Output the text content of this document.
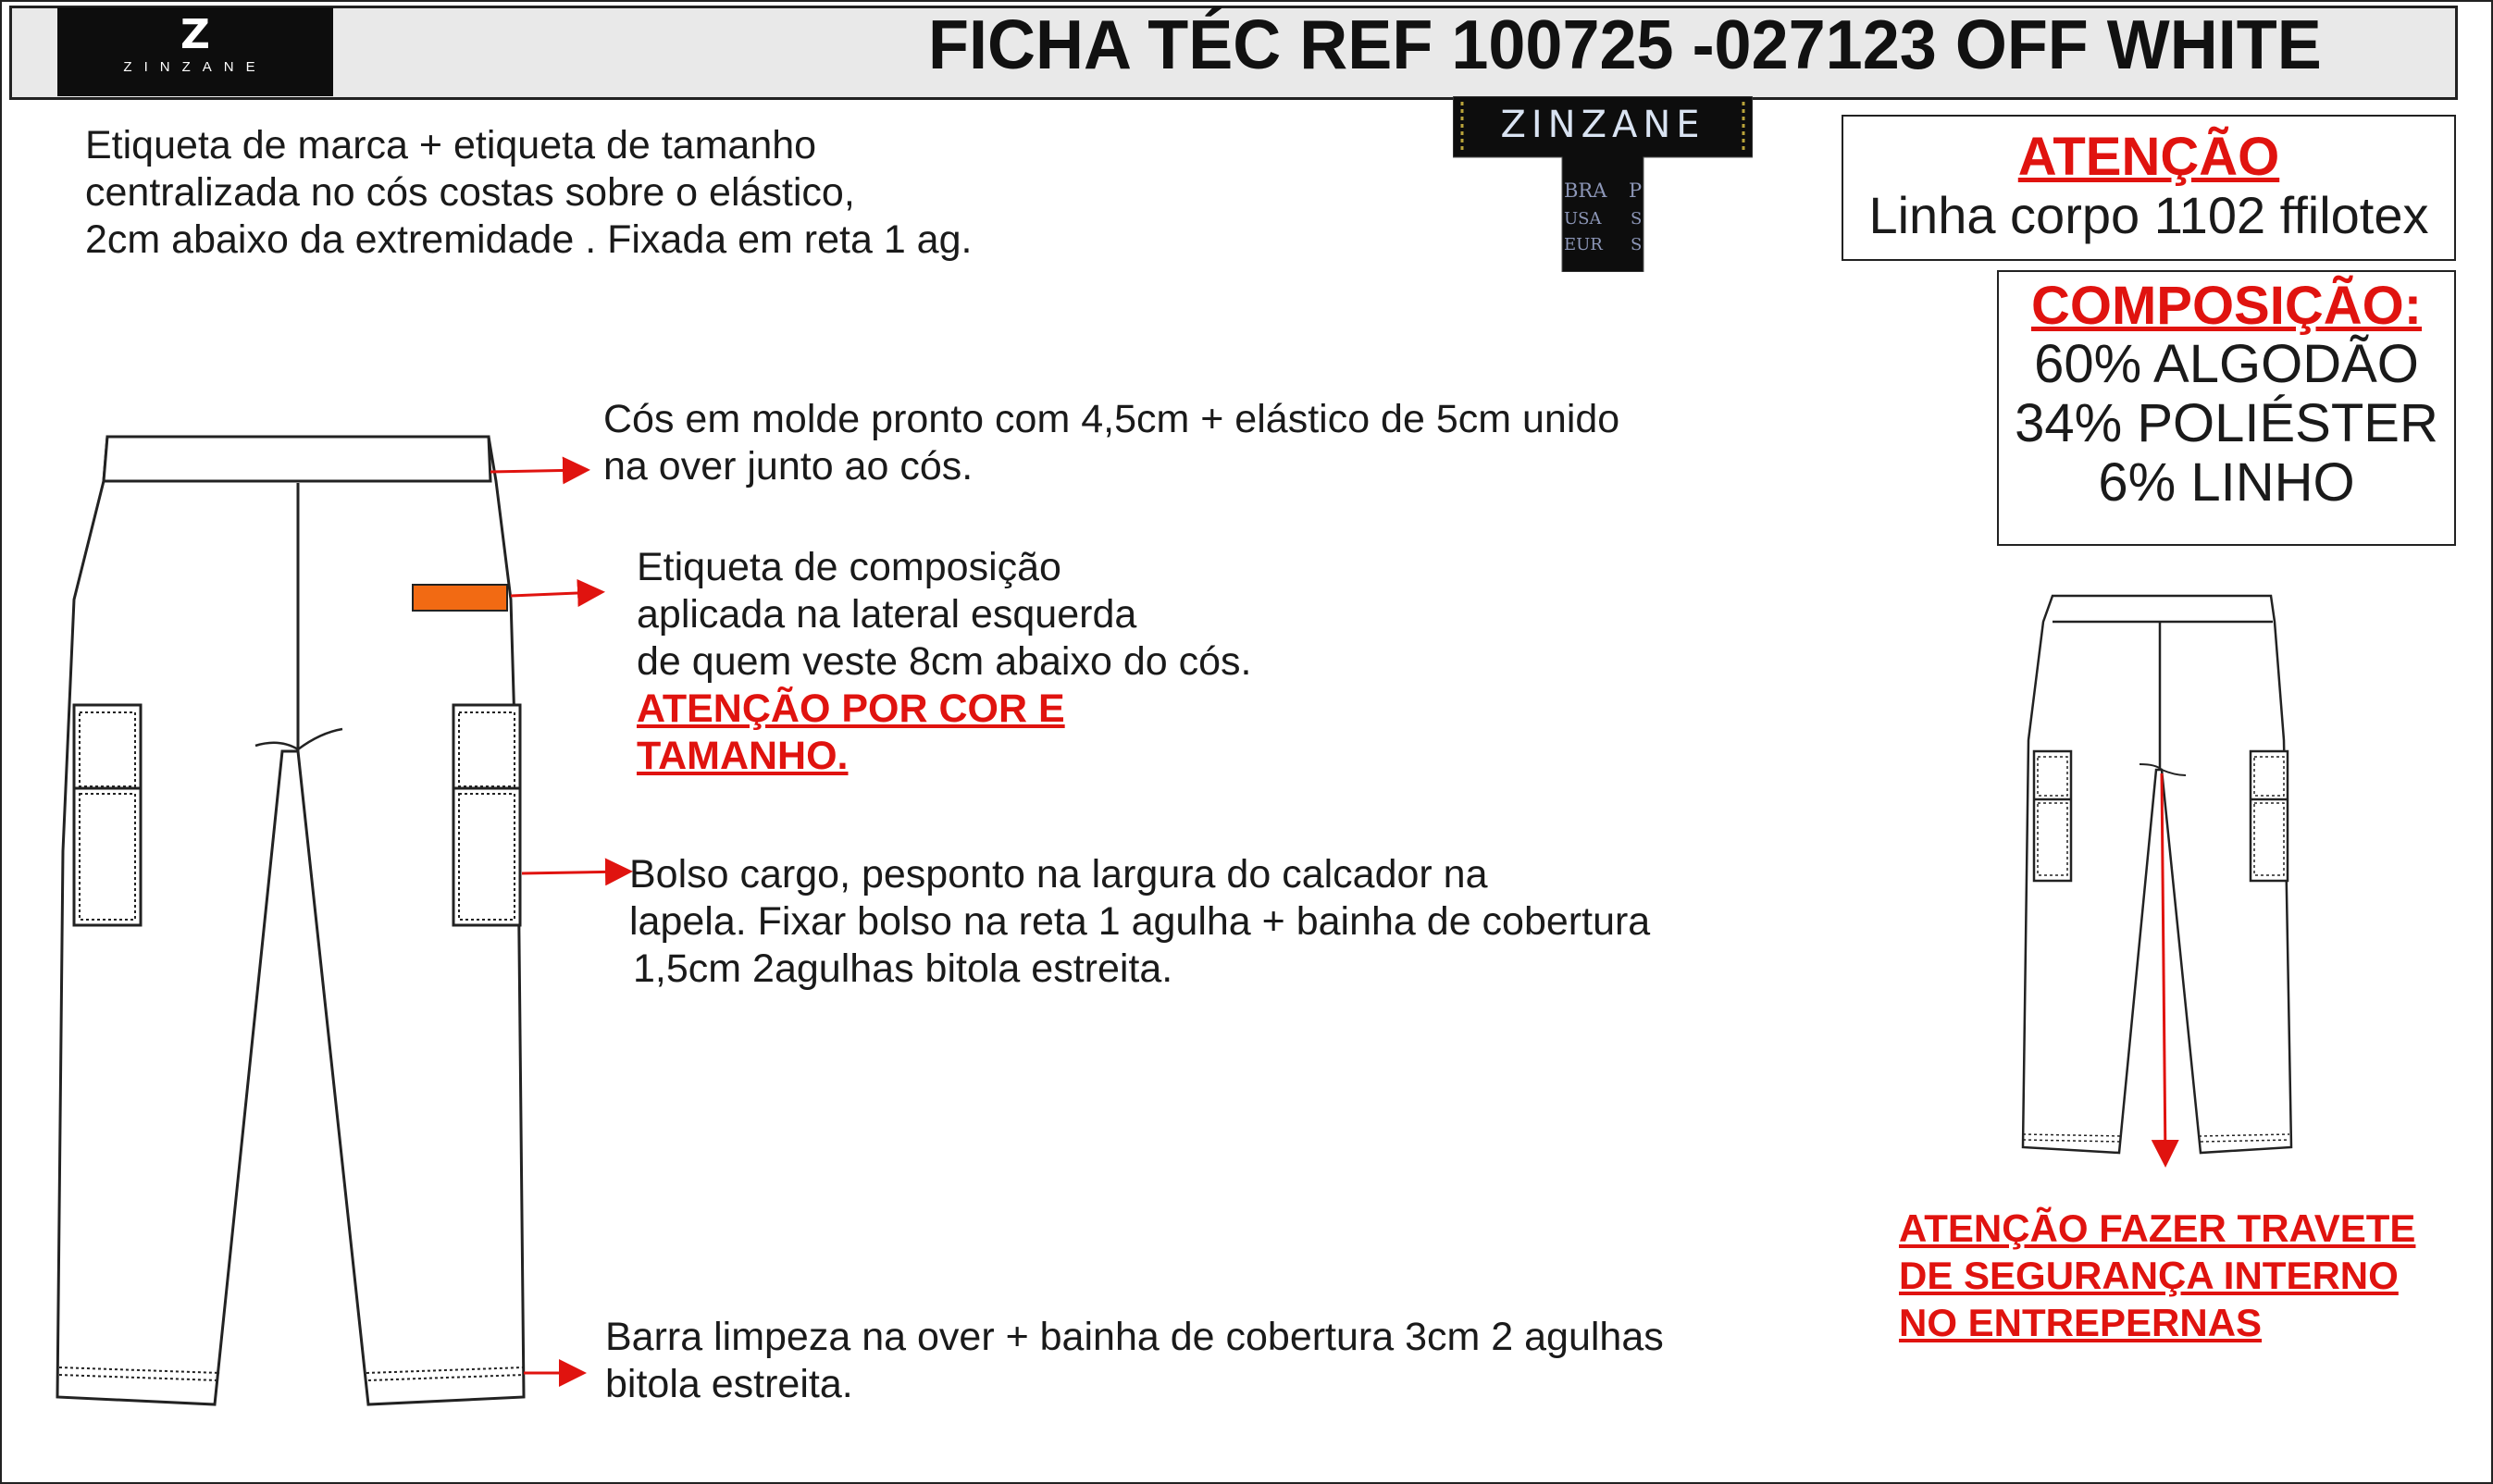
Z
ZINZANE	FICHA TÉC REF 100725 -027123 OFF WHITE
ZINZANE
BRA P
USA S
EUR S
Etiqueta de marca + etiqueta de tamanho
centralizada no cós costas sobre o elástico,
2cm abaixo da extremidade . Fixada em reta 1 ag.
Cós em molde pronto com 4,5cm + elástico de 5cm unido
na over junto ao cós.
Etiqueta de composição
aplicada na lateral esquerda
de quem veste 8cm abaixo do cós.
ATENÇÃO POR COR E
TAMANHO.
Bolso cargo, pesponto na largura do calcador na
lapela. Fixar bolso na reta 1 agulha + bainha de cobertura
1,5cm 2agulhas bitola estreita.
Barra limpeza na over + bainha de cobertura 3cm 2 agulhas
bitola estreita.
ATENÇÃO FAZER TRAVETE
DE SEGURANÇA INTERNO
NO ENTREPERNAS
ATENÇÃO
Linha corpo 1102 ffilotex
COMPOSIÇÃO:
60% ALGODÃO
34% POLIÉSTER
6% LINHO
